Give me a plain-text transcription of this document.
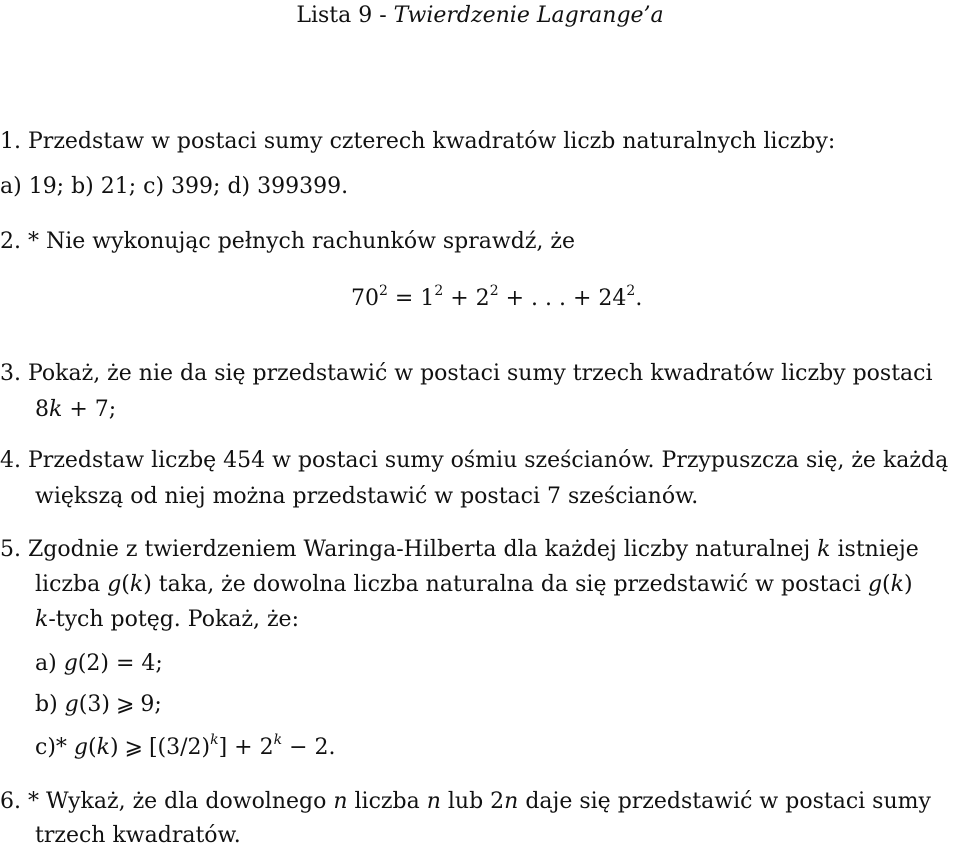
Lista 9 - Twierdzenie Lagrange’a
1. Przedstaw w postaci sumy czterech kwadratów liczb naturalnych liczby:
a) 19; b) 21; c) 399; d) 399399.
2. * Nie wykonując pełnych rachunków sprawdź, że
$70^2 = 1^2 + 2^2$ + . . . + $24^2$.
3. Pokaż, że nie da się przedstawić w postaci sumy trzech kwadratów liczby postaci
8k + 7;
4. Przedstaw liczbę 454 w postaci sumy ośmiu sześcianów. Przypuszcza się, że każdą
większą od niej można przedstawić w postaci 7 sześcianów.
5. Zgodnie z twierdzeniem Waringa-Hilberta dla każdej liczby naturalnej k istnieje
liczba g(k) taka, że dowolna liczba naturalna da się przedstawić w postaci g(k)
k-tych potęg. Pokaż, że:
a) g(2) = 4;
b) g(3) ⩾ 9;
c)* g(k) ⩾ $[(3/2)^k] + 2^k - 2$.
6. * Wykaż, że dla dowolnego n liczba n lub 2n daje się przedstawić w postaci sumy
trzech kwadratów.
